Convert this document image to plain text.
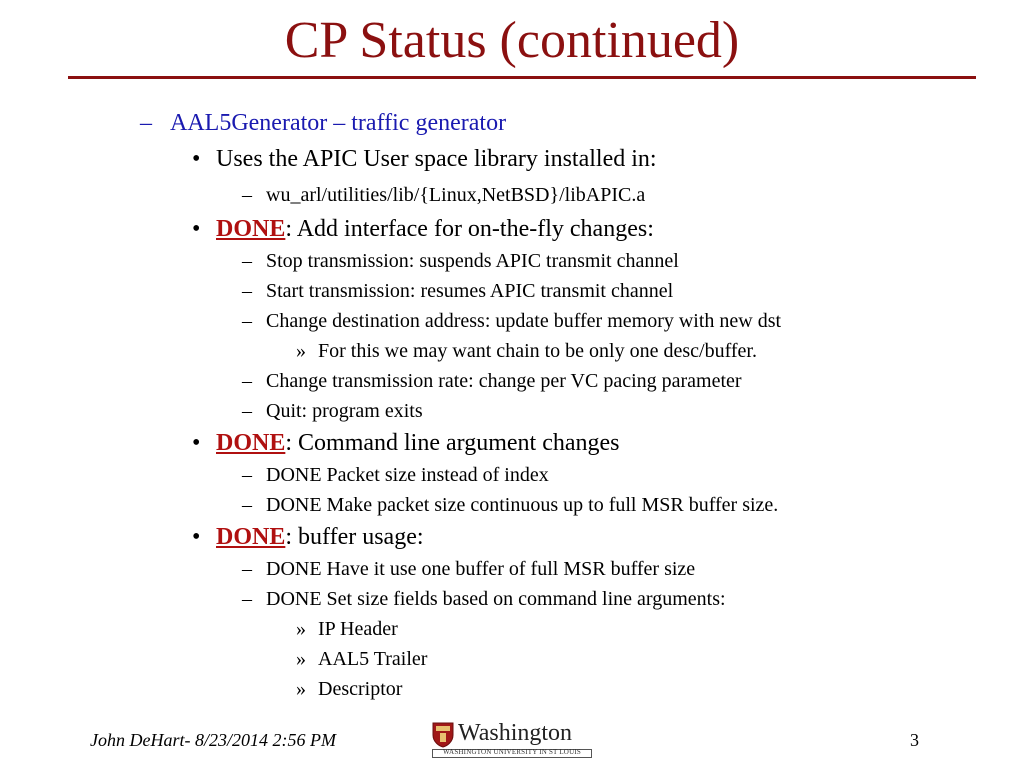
CP Status (continued)
– AAL5Generator – traffic generator
• Uses the APIC User space library installed in:
– wu_arl/utilities/lib/{Linux,NetBSD}/libAPIC.a
• DONE: Add interface for on-the-fly changes:
– Stop transmission: suspends APIC transmit channel
– Start transmission: resumes APIC transmit channel
– Change destination address: update buffer memory with new dst
» For this we may want chain to be only one desc/buffer.
– Change transmission rate: change per VC pacing parameter
– Quit: program exits
• DONE: Command line argument changes
– DONE Packet size instead of index
– DONE Make packet size continuous up to full MSR buffer size.
• DONE: buffer usage:
– DONE Have it use one buffer of full MSR buffer size
– DONE Set size fields based on command line arguments:
» IP Header
» AAL5 Trailer
» Descriptor
John DeHart- 8/23/2014 2:56 PM	Washington
WASHINGTON UNIVERSITY IN ST LOUIS
3
